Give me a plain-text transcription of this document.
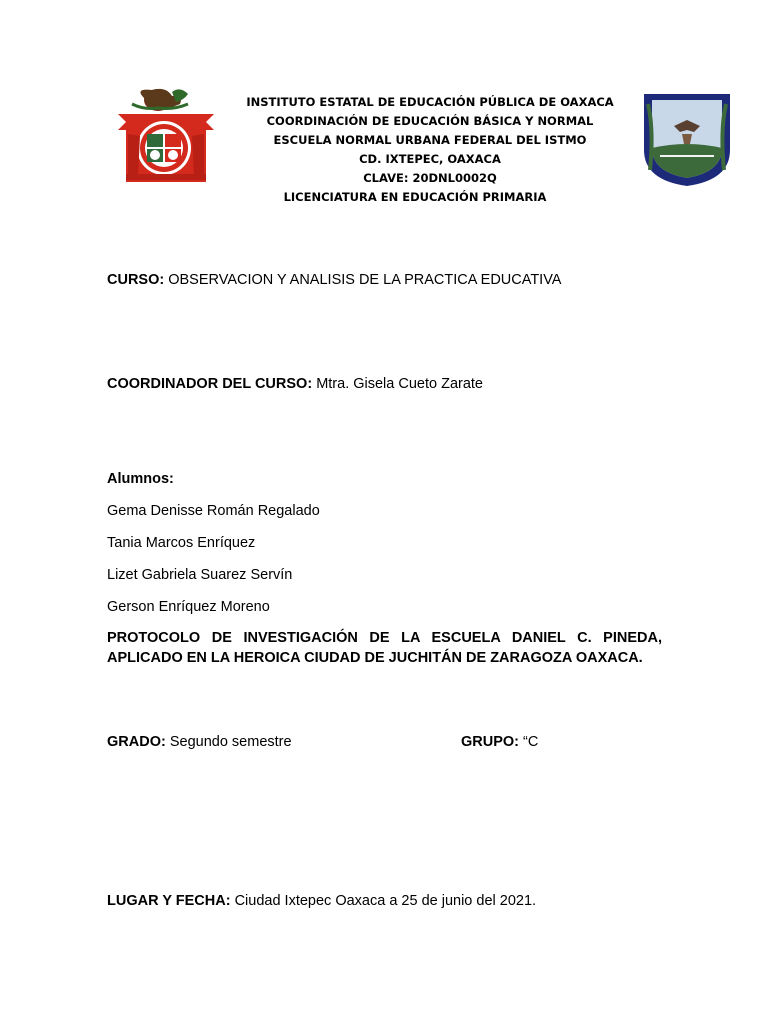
INSTITUTO ESTATAL DE EDUCACIÓN PÚBLICA DE OAXACA
COORDINACIÓN DE EDUCACIÓN BÁSICA Y NORMAL
ESCUELA NORMAL URBANA FEDERAL DEL ISTMO
CD. IXTEPEC, OAXACA
CLAVE: 20DNL0002Q
LICENCIATURA EN EDUCACIÓN PRIMARIA
CURSO: OBSERVACION Y ANALISIS DE LA PRACTICA EDUCATIVA
COORDINADOR DEL CURSO: Mtra. Gisela Cueto Zarate
Alumnos:
Gema Denisse Román Regalado
Tania Marcos Enríquez
Lizet Gabriela Suarez Servín
Gerson Enríquez Moreno
PROTOCOLO DE INVESTIGACIÓN DE LA ESCUELA DANIEL C. PINEDA, APLICADO EN LA HEROICA CIUDAD DE JUCHITÁN DE ZARAGOZA OAXACA.
GRADO: Segundo semestre	GRUPO: “C
LUGAR Y FECHA: Ciudad Ixtepec Oaxaca a 25 de junio del 2021.
